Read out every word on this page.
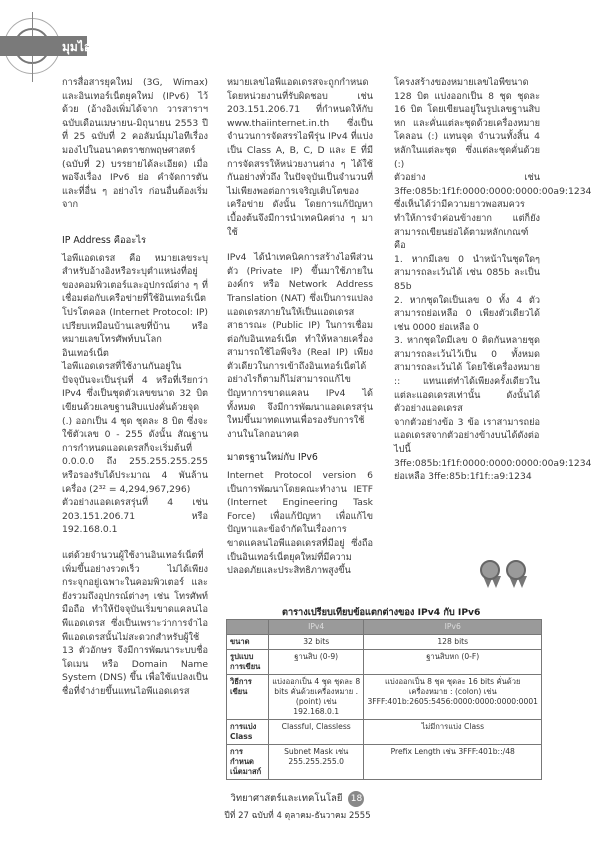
มุมไอที

การสื่อสารยุคใหม่ (3G, Wimax) และอินเทอร์เน็ตยุคใหม่ (IPv6) ไว้ด้วย (อ้างอิงเพิ่มได้จาก วารสาราฯ ฉบับเดือนเมษายน-มิถุนายน 2553 ปีที่ 25 ฉบับที่ 2 คอลัมน์มุมไอทีเรื่อง มองไปในอนาคตราชกพฤษศาสตร์ (ฉบับที่ 2) บรรยายได้ละเอียด) เมื่อพอจึงเรื่อง IPv6 ย่อ คำจัดการตัน และที่อื่น ๆ อย่างไร ก่อนอื่นต้องเริ่มจาก

IP Address คืออะไร

ไอพีแอดเดรส คือ หมายเลขระบุสำหรับอ้างอิงหรือระบุตำแหน่งที่อยู่ของคอมพิวเตอร์และอุปกรณ์ต่าง ๆ ที่เชื่อมต่อกับเครือข่ายที่ใช้อินเทอร์เน็ตโปรโตคอล (Internet Protocol: IP) เปรียบเหมือนบ้านเลขที่บ้าน หรือหมายเลขโทรศัพท์บนโลกอินเทอร์เน็ต

ไอพีแอดเดรสที่ใช้งานกันอยู่ในปัจจุบันจะเป็นรุ่นที่ 4 หรือที่เรียกว่า IPv4 ซึ่งเป็นชุดตัวเลขขนาด 32 บิต เขียนด้วยเลขฐานสิบแบ่งคั่นด้วยจุด (.) ออกเป็น 4 ชุด ชุดละ 8 บิต ซึ่งจะใช้ตัวเลข 0 - 255 ดังนั้น สัณฐานการกำหนดแอดเดรสก็จะเริ่มต้นที่ 0.0.0.0 ถึง 255.255.255.255 หรือรองรับได้ประมาณ 4 พันล้านเครื่อง (2³² = 4,294,967,296)

ตัวอย่างแอดเดรสรุ่นที่ 4 เช่น 203.151.206.71 หรือ 192.168.0.1

แต่ด้วยจำนวนผู้ใช้งานอินเทอร์เน็ตที่เพิ่มขึ้นอย่างรวดเร็ว ไม่ได้เพียงกระจุกอยู่เฉพาะในคอมพิวเตอร์ และยังรวมถึงอุปกรณ์ต่างๆ เช่น โทรศัพท์มือถือ ทำให้ปัจจุบันเริ่มขาดแคลนไอพีแอดเดรส ซึ่งเป็นเพราะว่าการจำไอพีแอดเดรสนั้นไม่สะดวกสำหรับผู้ใช้ 13 ตัวอักษร จึงมีการพัฒนาระบบชื่อโดเมน หรือ Domain Name System (DNS) ขึ้น เพื่อใช้แปลงเป็นชื่อที่จำง่ายขึ้นแทนไอพีแอดเดรส

หมายเลขไอพีแอดเดรสจะถูกกำหนดโดยหน่วยงานที่รับผิดชอบ เช่น 203.151.206.71 ที่กำหนดให้กับ www.thaiinternet.in.th ซึ่งเป็น จำนวนการจัดสรรไอพีรุ่น IPv4 ที่แบ่งเป็น Class A, B, C, D และ E ที่มีการจัดสรรให้หน่วยงานต่าง ๆ ได้ใช้กันอย่างทั่วถึง ในปัจจุบันเป็นจำนวนที่ไม่เพียงพอต่อการเจริญเติบโตของเครือข่าย ดังนั้น โดยการแก้ปัญหาเบื้องต้นจึงมีการนำเทคนิคต่าง ๆ มาใช้

IPv4 ได้นำเทคนิคการสร้างไอพีส่วนตัว (Private IP) ขึ้นมาใช้ภายในองค์กร หรือ Network Address Translation (NAT) ซึ่งเป็นการแปลงแอดเดรสภายในให้เป็นแอดเดรสสาธารณะ (Public IP) ในการเชื่อมต่อกับอินเทอร์เน็ต ทำให้หลายเครื่องสามารถใช้ไอพีจริง (Real IP) เพียงตัวเดียวในการเข้าถึงอินเทอร์เน็ตได้ อย่างไรก็ตามก็ไม่สามารถแก้ไขปัญหาการขาดแคลน IPv4 ได้ทั้งหมด จึงมีการพัฒนาแอดเดรสรุ่นใหม่ขึ้นมาทดแทนเพื่อรองรับการใช้งานในโลกอนาคต

มาตรฐานใหม่กับ IPv6

Internet Protocol version 6 เป็นการพัฒนาโดยคณะทำงาน IETF (Internet Engineering Task Force) เพื่อแก้ปัญหา เพื่อแก้ไขปัญหาและข้อจำกัดในเรื่องการขาดแคลนไอพีแอดเดรสที่มีอยู่ ซึ่งถือเป็นอินเทอร์เน็ตยุคใหม่ที่มีความปลอดภัยและประสิทธิภาพสูงขึ้น

โครงสร้างของหมายเลขไอพีขนาด 128 บิต แบ่งออกเป็น 8 ชุด ชุดละ 16 บิต โดยเขียนอยู่ในรูปเลขฐานสิบหก และคั่นแต่ละชุดด้วยเครื่องหมายโคลอน (:) แทนจุด จำนวนทั้งสิ้น 4 หลักในแต่ละชุด ซึ่งแต่ละชุดคั่นด้วย (:)

ตัวอย่าง เช่น 3ffe:085b:1f1f:0000:0000:0000:00a9:1234

ซึ่งเห็นได้ว่ามีความยาวพอสมควร ทำให้การจำค่อนข้างยาก แต่ก็ยังสามารถเขียนย่อได้ตามหลักเกณฑ์ คือ

1. หากมีเลข 0 นำหน้าในชุดใดๆ สามารถละเว้นได้ เช่น 085b ละเป็น 85b

2. หากชุดใดเป็นเลข 0 ทั้ง 4 ตัว สามารถย่อเหลือ 0 เพียงตัวเดียวได้ เช่น 0000 ย่อเหลือ 0

3. หากชุดใดมีเลข 0 ติดกันหลายชุดสามารถละเว้นไว้เป็น 0 ทั้งหมด สามารถละเว้นได้ โดยใช้เครื่องหมาย :: แทนแต่ทำได้เพียงครั้งเดียวในแต่ละแอดเดรสเท่านั้น ดังนั้นได้ตัวอย่างแอดเดรส

จากตัวอย่างข้อ 3 ข้อ เราสามารถย่อแอดเดรสจากตัวอย่างข้างบนได้ดังต่อไปนี้

3ffe:085b:1f1f:0000:0000:0000:00a9:1234 ย่อเหลือ 3ffe:85b:1f1f::a9:1234

ตารางเปรียบเทียบข้อแตกต่างของ IPv4 กับ IPv6
	IPv4	IPv6
ขนาด	32 bits	128 bits
รูปแบบการเขียน	ฐานสิบ (0-9)	ฐานสิบหก (0-F)
วิธีการเขียน	แบ่งออกเป็น 4 ชุด ชุดละ 8 bits คั่นด้วยเครื่องหมาย . (point) เช่น 192.168.0.1	แบ่งออกเป็น 8 ชุด ชุดละ 16 bits คั่นด้วยเครื่องหมาย : (colon) เช่น 3FFF:401b:2605:5456:0000:0000:0000:0001
การแบ่ง Class	Classful, Classless	ไม่มีการแบ่ง Class
การกำหนด เน็ตมาสก์	Subnet Mask เช่น 255.255.255.0	Prefix Length เช่น 3FFF:401b::/48
วิทยาศาสตร์และเทคโนโลยี 18
ปีที่ 27 ฉบับที่ 4 ตุลาคม-ธันวาคม 2555
